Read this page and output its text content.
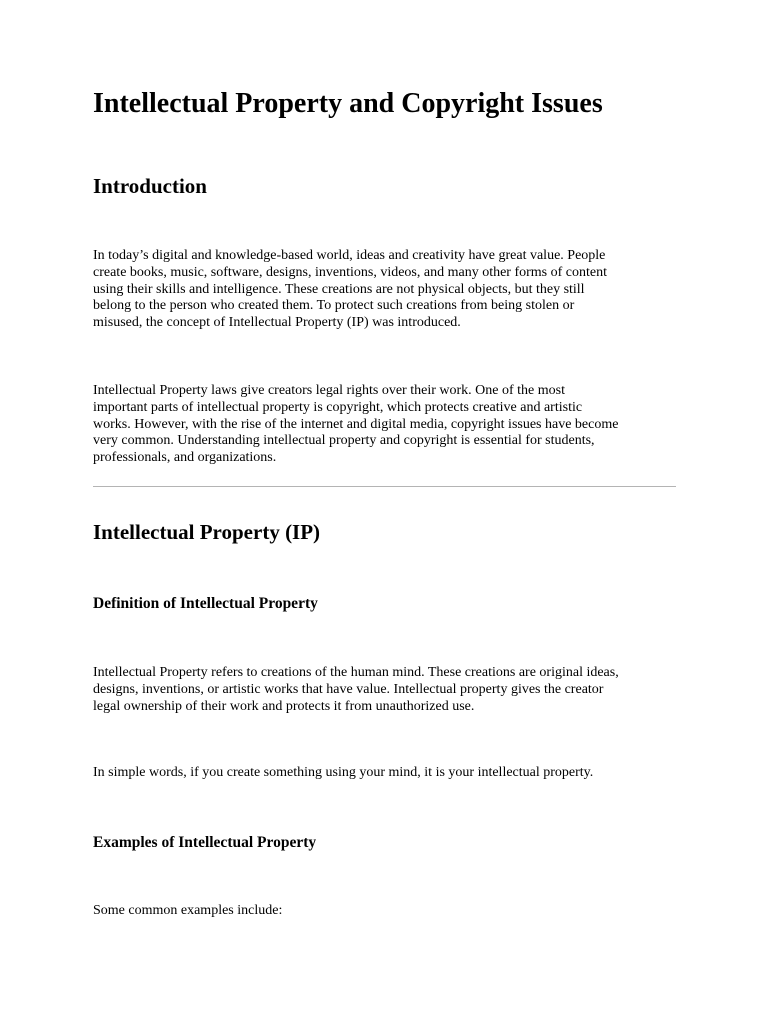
Intellectual Property and Copyright Issues
Introduction

In today’s digital and knowledge-based world, ideas and creativity have great value. People
create books, music, software, designs, inventions, videos, and many other forms of content
using their skills and intelligence. These creations are not physical objects, but they still
belong to the person who created them. To protect such creations from being stolen or
misused, the concept of Intellectual Property (IP) was introduced.

Intellectual Property laws give creators legal rights over their work. One of the most
important parts of intellectual property is copyright, which protects creative and artistic
works. However, with the rise of the internet and digital media, copyright issues have become
very common. Understanding intellectual property and copyright is essential for students,
professionals, and organizations.

Intellectual Property (IP)
Definition of Intellectual Property

Intellectual Property refers to creations of the human mind. These creations are original ideas,
designs, inventions, or artistic works that have value. Intellectual property gives the creator
legal ownership of their work and protects it from unauthorized use.

In simple words, if you create something using your mind, it is your intellectual property.

Examples of Intellectual Property

Some common examples include:
